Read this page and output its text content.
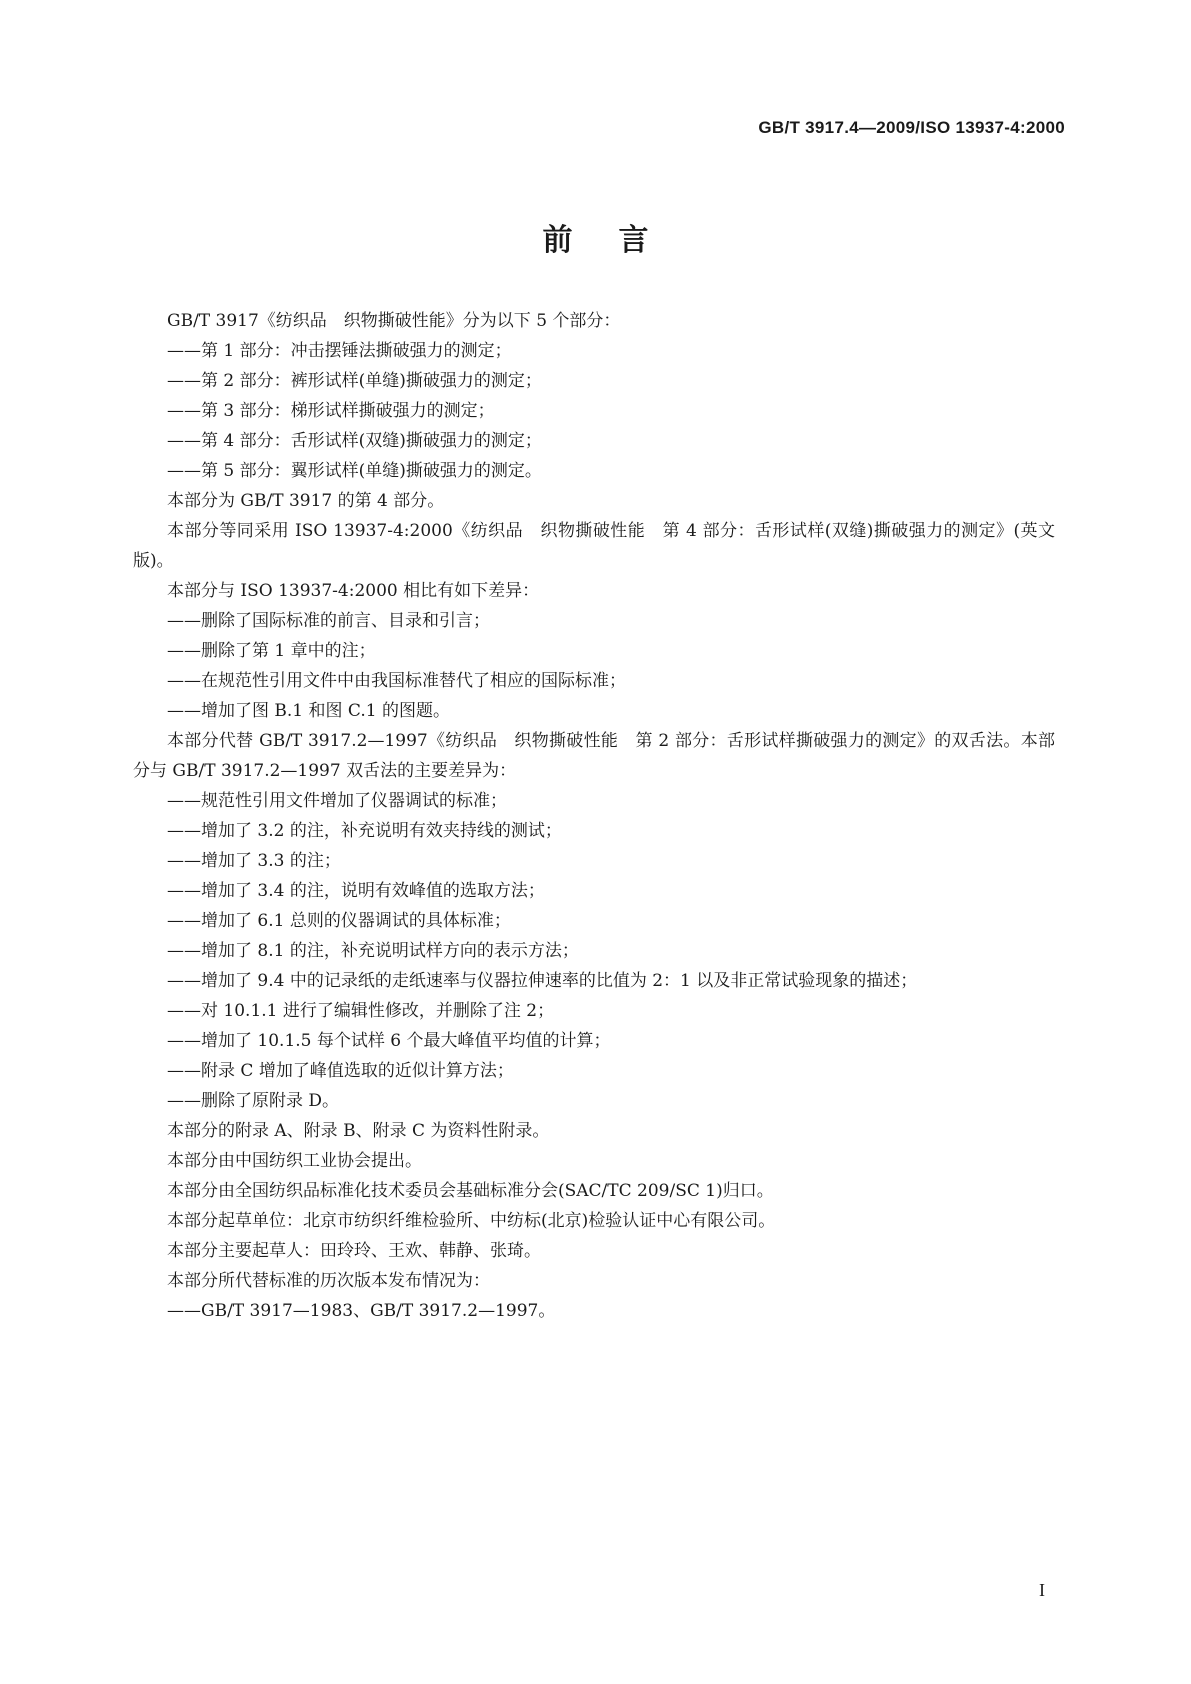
GB/T 3917.4—2009/ISO 13937-4:2000
前言

GB/T 3917《纺织品　织物撕破性能》分为以下 5 个部分：

——第 1 部分：冲击摆锤法撕破强力的测定；

——第 2 部分：裤形试样(单缝)撕破强力的测定；

——第 3 部分：梯形试样撕破强力的测定；

——第 4 部分：舌形试样(双缝)撕破强力的测定；

——第 5 部分：翼形试样(单缝)撕破强力的测定。

本部分为 GB/T 3917 的第 4 部分。

本部分等同采用 ISO 13937-4:2000《纺织品　织物撕破性能　第 4 部分：舌形试样(双缝)撕破强力的测定》(英文版)。

本部分与 ISO 13937-4:2000 相比有如下差异：

——删除了国际标准的前言、目录和引言；

——删除了第 1 章中的注；

——在规范性引用文件中由我国标准替代了相应的国际标准；

——增加了图 B.1 和图 C.1 的图题。

本部分代替 GB/T 3917.2—1997《纺织品　织物撕破性能　第 2 部分：舌形试样撕破强力的测定》的双舌法。本部分与 GB/T 3917.2—1997 双舌法的主要差异为：

——规范性引用文件增加了仪器调试的标准；

——增加了 3.2 的注，补充说明有效夹持线的测试；

——增加了 3.3 的注；

——增加了 3.4 的注，说明有效峰值的选取方法；

——增加了 6.1 总则的仪器调试的具体标准；

——增加了 8.1 的注，补充说明试样方向的表示方法；

——增加了 9.4 中的记录纸的走纸速率与仪器拉伸速率的比值为 2：1 以及非正常试验现象的描述；

——对 10.1.1 进行了编辑性修改，并删除了注 2；

——增加了 10.1.5 每个试样 6 个最大峰值平均值的计算；

——附录 C 增加了峰值选取的近似计算方法；

——删除了原附录 D。

本部分的附录 A、附录 B、附录 C 为资料性附录。

本部分由中国纺织工业协会提出。

本部分由全国纺织品标准化技术委员会基础标准分会(SAC/TC 209/SC 1)归口。

本部分起草单位：北京市纺织纤维检验所、中纺标(北京)检验认证中心有限公司。

本部分主要起草人：田玲玲、王欢、韩静、张琦。

本部分所代替标准的历次版本发布情况为：

——GB/T 3917—1983、GB/T 3917.2—1997。

I
